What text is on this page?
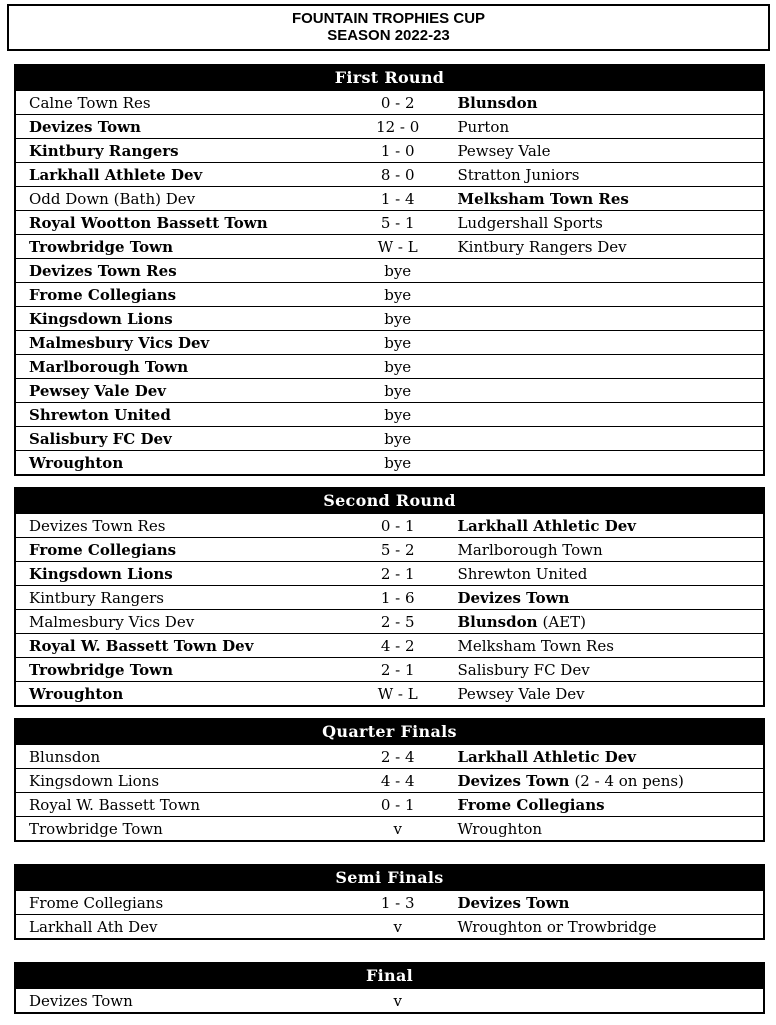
FOUNTAIN TROPHIES CUP
SEASON 2022-23
First Round
Calne Town Res	0 - 2	Blunsdon
Devizes Town	12 - 0	Purton
Kintbury Rangers	1 - 0	Pewsey Vale
Larkhall Athlete Dev	8 - 0	Stratton Juniors
Odd Down (Bath) Dev	1 - 4	Melksham Town Res
Royal Wootton Bassett Town	5 - 1	Ludgershall Sports
Trowbridge Town	W - L	Kintbury Rangers Dev
Devizes Town Res	bye
Frome Collegians	bye
Kingsdown Lions	bye
Malmesbury Vics Dev	bye
Marlborough Town	bye
Pewsey Vale Dev	bye
Shrewton United	bye
Salisbury FC Dev	bye
Wroughton	bye
Second Round
Devizes Town Res	0 - 1	Larkhall Athletic Dev
Frome Collegians	5 - 2	Marlborough Town
Kingsdown Lions	2 - 1	Shrewton United
Kintbury Rangers	1 - 6	Devizes Town
Malmesbury Vics Dev	2 - 5	Blunsdon (AET)
Royal W. Bassett Town Dev	4 - 2	Melksham Town Res
Trowbridge Town	2 - 1	Salisbury FC Dev
Wroughton	W - L	Pewsey Vale Dev
Quarter Finals
Blunsdon	2 - 4	Larkhall Athletic Dev
Kingsdown Lions	4 - 4	Devizes Town (2 - 4 on pens)
Royal W. Bassett Town	0 - 1	Frome Collegians
Trowbridge Town	v	Wroughton
Semi Finals
Frome Collegians	1 - 3	Devizes Town
Larkhall Ath Dev	v	Wroughton or Trowbridge
Final
Devizes Town	v
